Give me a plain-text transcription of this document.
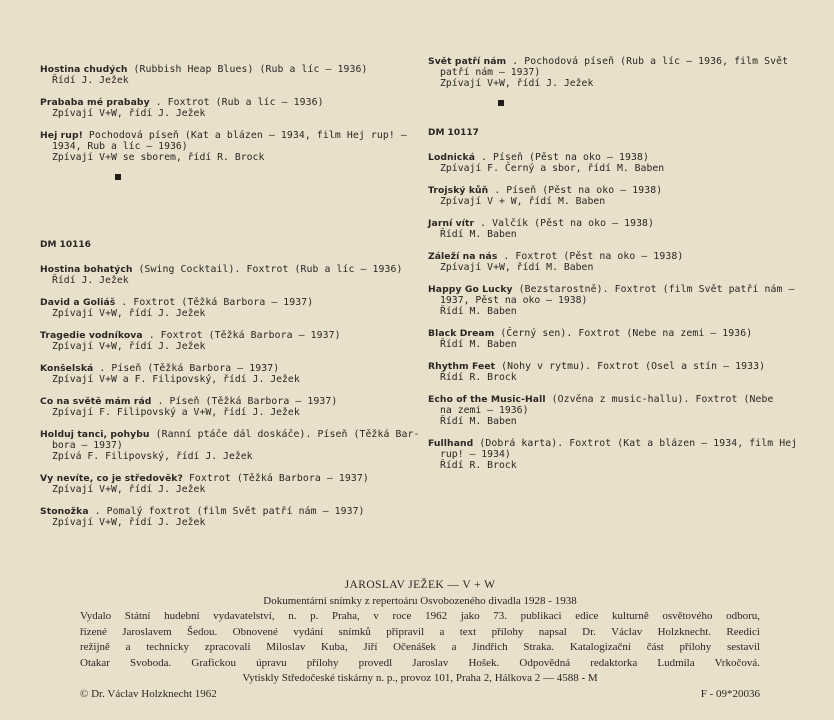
Hostina chudých (Rubbish Heap Blues) (Rub a líc — 1936)
Řídí J. Ježek
Prababa mé prababy . Foxtrot (Rub a líc — 1936)
Zpívají V+W, řídí J. Ježek
Hej rup! Pochodová píseň (Kat a blázen — 1934, film Hej rup! —
1934, Rub a líc — 1936)
Zpívají V+W se sborem, řídí R. Brock
DM 10116
Hostina bohatých (Swing Cocktail). Foxtrot (Rub a líc — 1936)
Řídí J. Ježek
David a Goliáš . Foxtrot (Těžká Barbora — 1937)
Zpívají V+W, řídí J. Ježek
Tragedie vodníkova . Foxtrot (Těžká Barbora — 1937)
Zpívají V+W, řídí J. Ježek
Konšelská . Píseň (Těžká Barbora — 1937)
Zpívají V+W a F. Filipovský, řídí J. Ježek
Co na světě mám rád . Píseň (Těžká Barbora — 1937)
Zpívají F. Filipovský a V+W, řídí J. Ježek
Holduj tanci, pohybu (Ranní ptáče dál doskáče). Píseň (Těžká Bar-
bora — 1937)
Zpívá F. Filipovský, řídí J. Ježek
Vy nevíte, co je středověk? Foxtrot (Těžká Barbora — 1937)
Zpívají V+W, řídí J. Ježek
Stonožka . Pomalý foxtrot (film Svět patří nám — 1937)
Zpívají V+W, řídí J. Ježek
Svět patří nám . Pochodová píseň (Rub a líc — 1936, film Svět
patří nám — 1937)
Zpívají V+W, řídí J. Ježek
DM 10117
Lodnická . Píseň (Pěst na oko — 1938)
Zpívají F. Černý a sbor, řídí M. Baben
Trojský kůň . Píseň (Pěst na oko — 1938)
Zpívají V + W, řídí M. Baben
Jarní vítr . Valčík (Pěst na oko — 1938)
Řídí M. Baben
Záleží na nás . Foxtrot (Pěst na oko — 1938)
Zpívají V+W, řídí M. Baben
Happy Go Lucky (Bezstarostně). Foxtrot (film Svět patří nám —
1937, Pěst na oko — 1938)
Řídí M. Baben
Black Dream (Černý sen). Foxtrot (Nebe na zemi — 1936)
Řídí M. Baben
Rhythm Feet (Nohy v rytmu). Foxtrot (Osel a stín — 1933)
Řídí R. Brock
Echo of the Music-Hall (Ozvěna z music-hallu). Foxtrot (Nebe
na zemi — 1936)
Řídí M. Baben
Fullhand (Dobrá karta). Foxtrot (Kat a blázen — 1934, film Hej
rup! — 1934)
Řídí R. Brock
JAROSLAV JEŽEK — V + W
Dokumentární snímky z repertoáru Osvobozeného divadla 1928 - 1938
Vydalo Státní hudební vydavatelství, n. p. Praha, v roce 1962 jako 73. publikaci edice kulturně osvětového odboru,
řízené Jaroslavem Šedou. Obnovené vydání snímků připravil a text přílohy napsal Dr. Václav Holzknecht. Reedici
režijně a technicky zpracovali Miloslav Kuba, Jiří Očenášek a Jindřich Straka. Katalogizační část přílohy sestavil
Otakar Svoboda. Grafickou úpravu přílohy provedl Jaroslav Hošek. Odpovědná redaktorka Ludmila Vrkočová.
Vytiskly Středočeské tiskárny n. p., provoz 101, Praha 2, Hálkova 2 — 4588 - M
© Dr. Václav Holzknecht 1962	F - 09*20036
